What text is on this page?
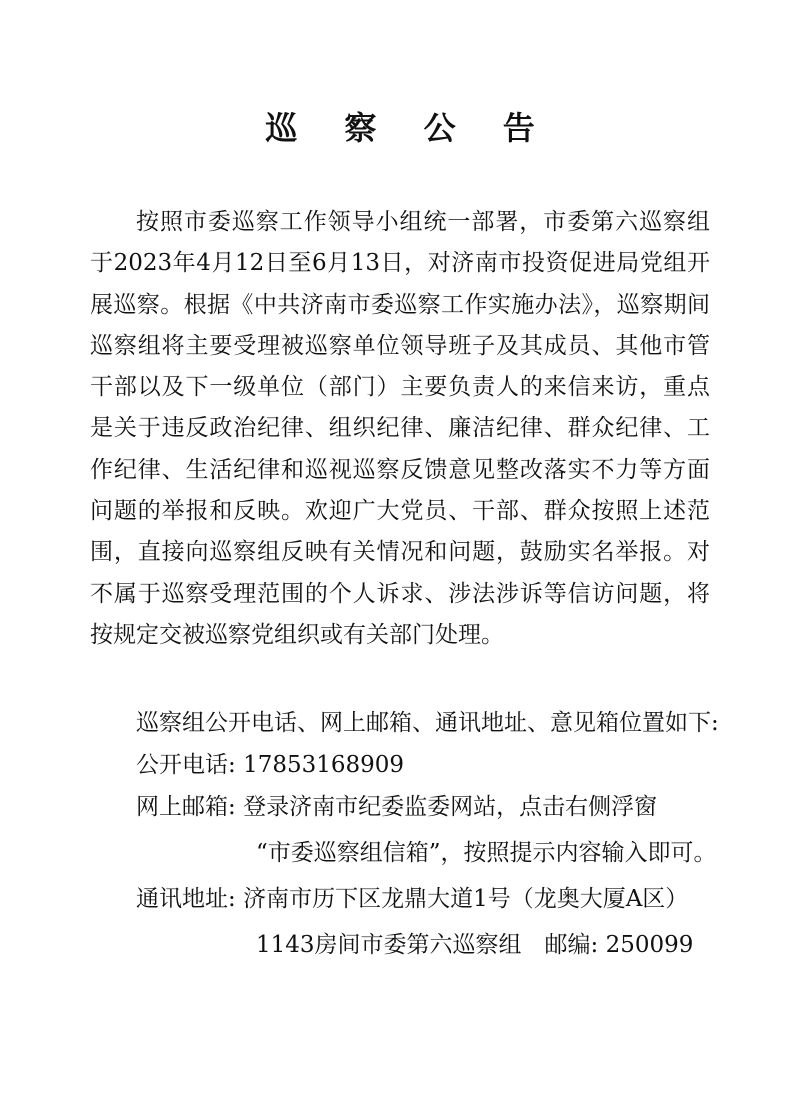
巡 察 公 告

按照市委巡察工作领导小组统一部署，市委第六巡察组于2023年4月12日至6月13日，对济南市投资促进局党组开展巡察。根据《中共济南市委巡察工作实施办法》，巡察期间巡察组将主要受理被巡察单位领导班子及其成员、其他市管干部以及下一级单位（部门）主要负责人的来信来访，重点是关于违反政治纪律、组织纪律、廉洁纪律、群众纪律、工作纪律、生活纪律和巡视巡察反馈意见整改落实不力等方面问题的举报和反映。欢迎广大党员、干部、群众按照上述范围，直接向巡察组反映有关情况和问题，鼓励实名举报。对不属于巡察受理范围的个人诉求、涉法涉诉等信访问题，将按规定交被巡察党组织或有关部门处理。

巡察组公开电话、网上邮箱、通讯地址、意见箱位置如下:
公开电话: 17853168909
网上邮箱: 登录济南市纪委监委网站，点击右侧浮窗
“市委巡察组信箱”，按照提示内容输入即可。
通讯地址: 济南市历下区龙鼎大道1号（龙奥大厦A区）
1143房间市委第六巡察组　邮编: 250099
